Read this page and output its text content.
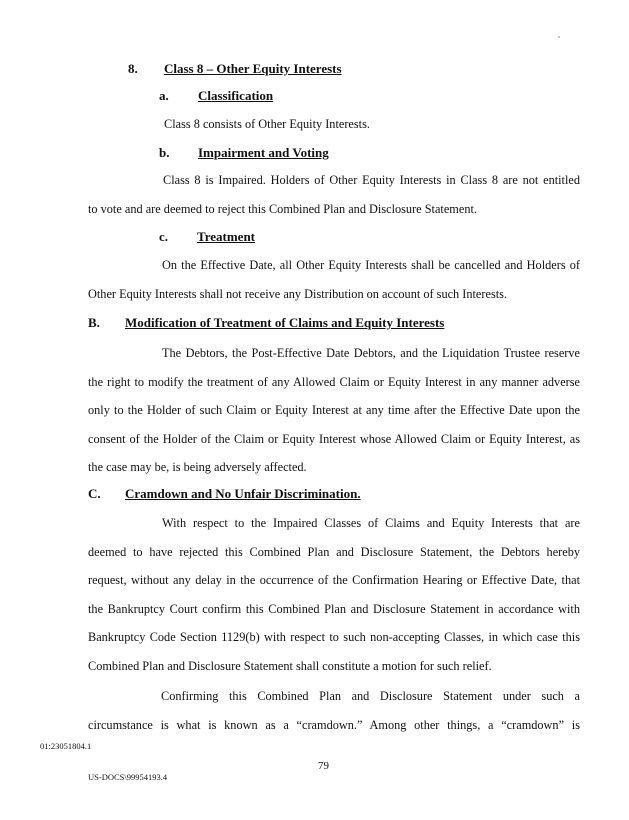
8. Class 8 – Other Equity Interests
a. Classification
Class 8 consists of Other Equity Interests.
b. Impairment and Voting
Class 8 is Impaired. Holders of Other Equity Interests in Class 8 are not entitled
to vote and are deemed to reject this Combined Plan and Disclosure Statement.
c. Treatment
On the Effective Date, all Other Equity Interests shall be cancelled and Holders of
Other Equity Interests shall not receive any Distribution on account of such Interests.
B. Modification of Treatment of Claims and Equity Interests
The Debtors, the Post-Effective Date Debtors, and the Liquidation Trustee reserve
the right to modify the treatment of any Allowed Claim or Equity Interest in any manner adverse
only to the Holder of such Claim or Equity Interest at any time after the Effective Date upon the
consent of the Holder of the Claim or Equity Interest whose Allowed Claim or Equity Interest, as
the case may be, is being adversely affected.
C. Cramdown and No Unfair Discrimination.
With respect to the Impaired Classes of Claims and Equity Interests that are
deemed to have rejected this Combined Plan and Disclosure Statement, the Debtors hereby
request, without any delay in the occurrence of the Confirmation Hearing or Effective Date, that
the Bankruptcy Court confirm this Combined Plan and Disclosure Statement in accordance with
Bankruptcy Code Section 1129(b) with respect to such non-accepting Classes, in which case this
Combined Plan and Disclosure Statement shall constitute a motion for such relief.
Confirming this Combined Plan and Disclosure Statement under such a
circumstance is what is known as a “cramdown.” Among other things, a “cramdown” is
01:23051804.1
79
US-DOCS\99954193.4
